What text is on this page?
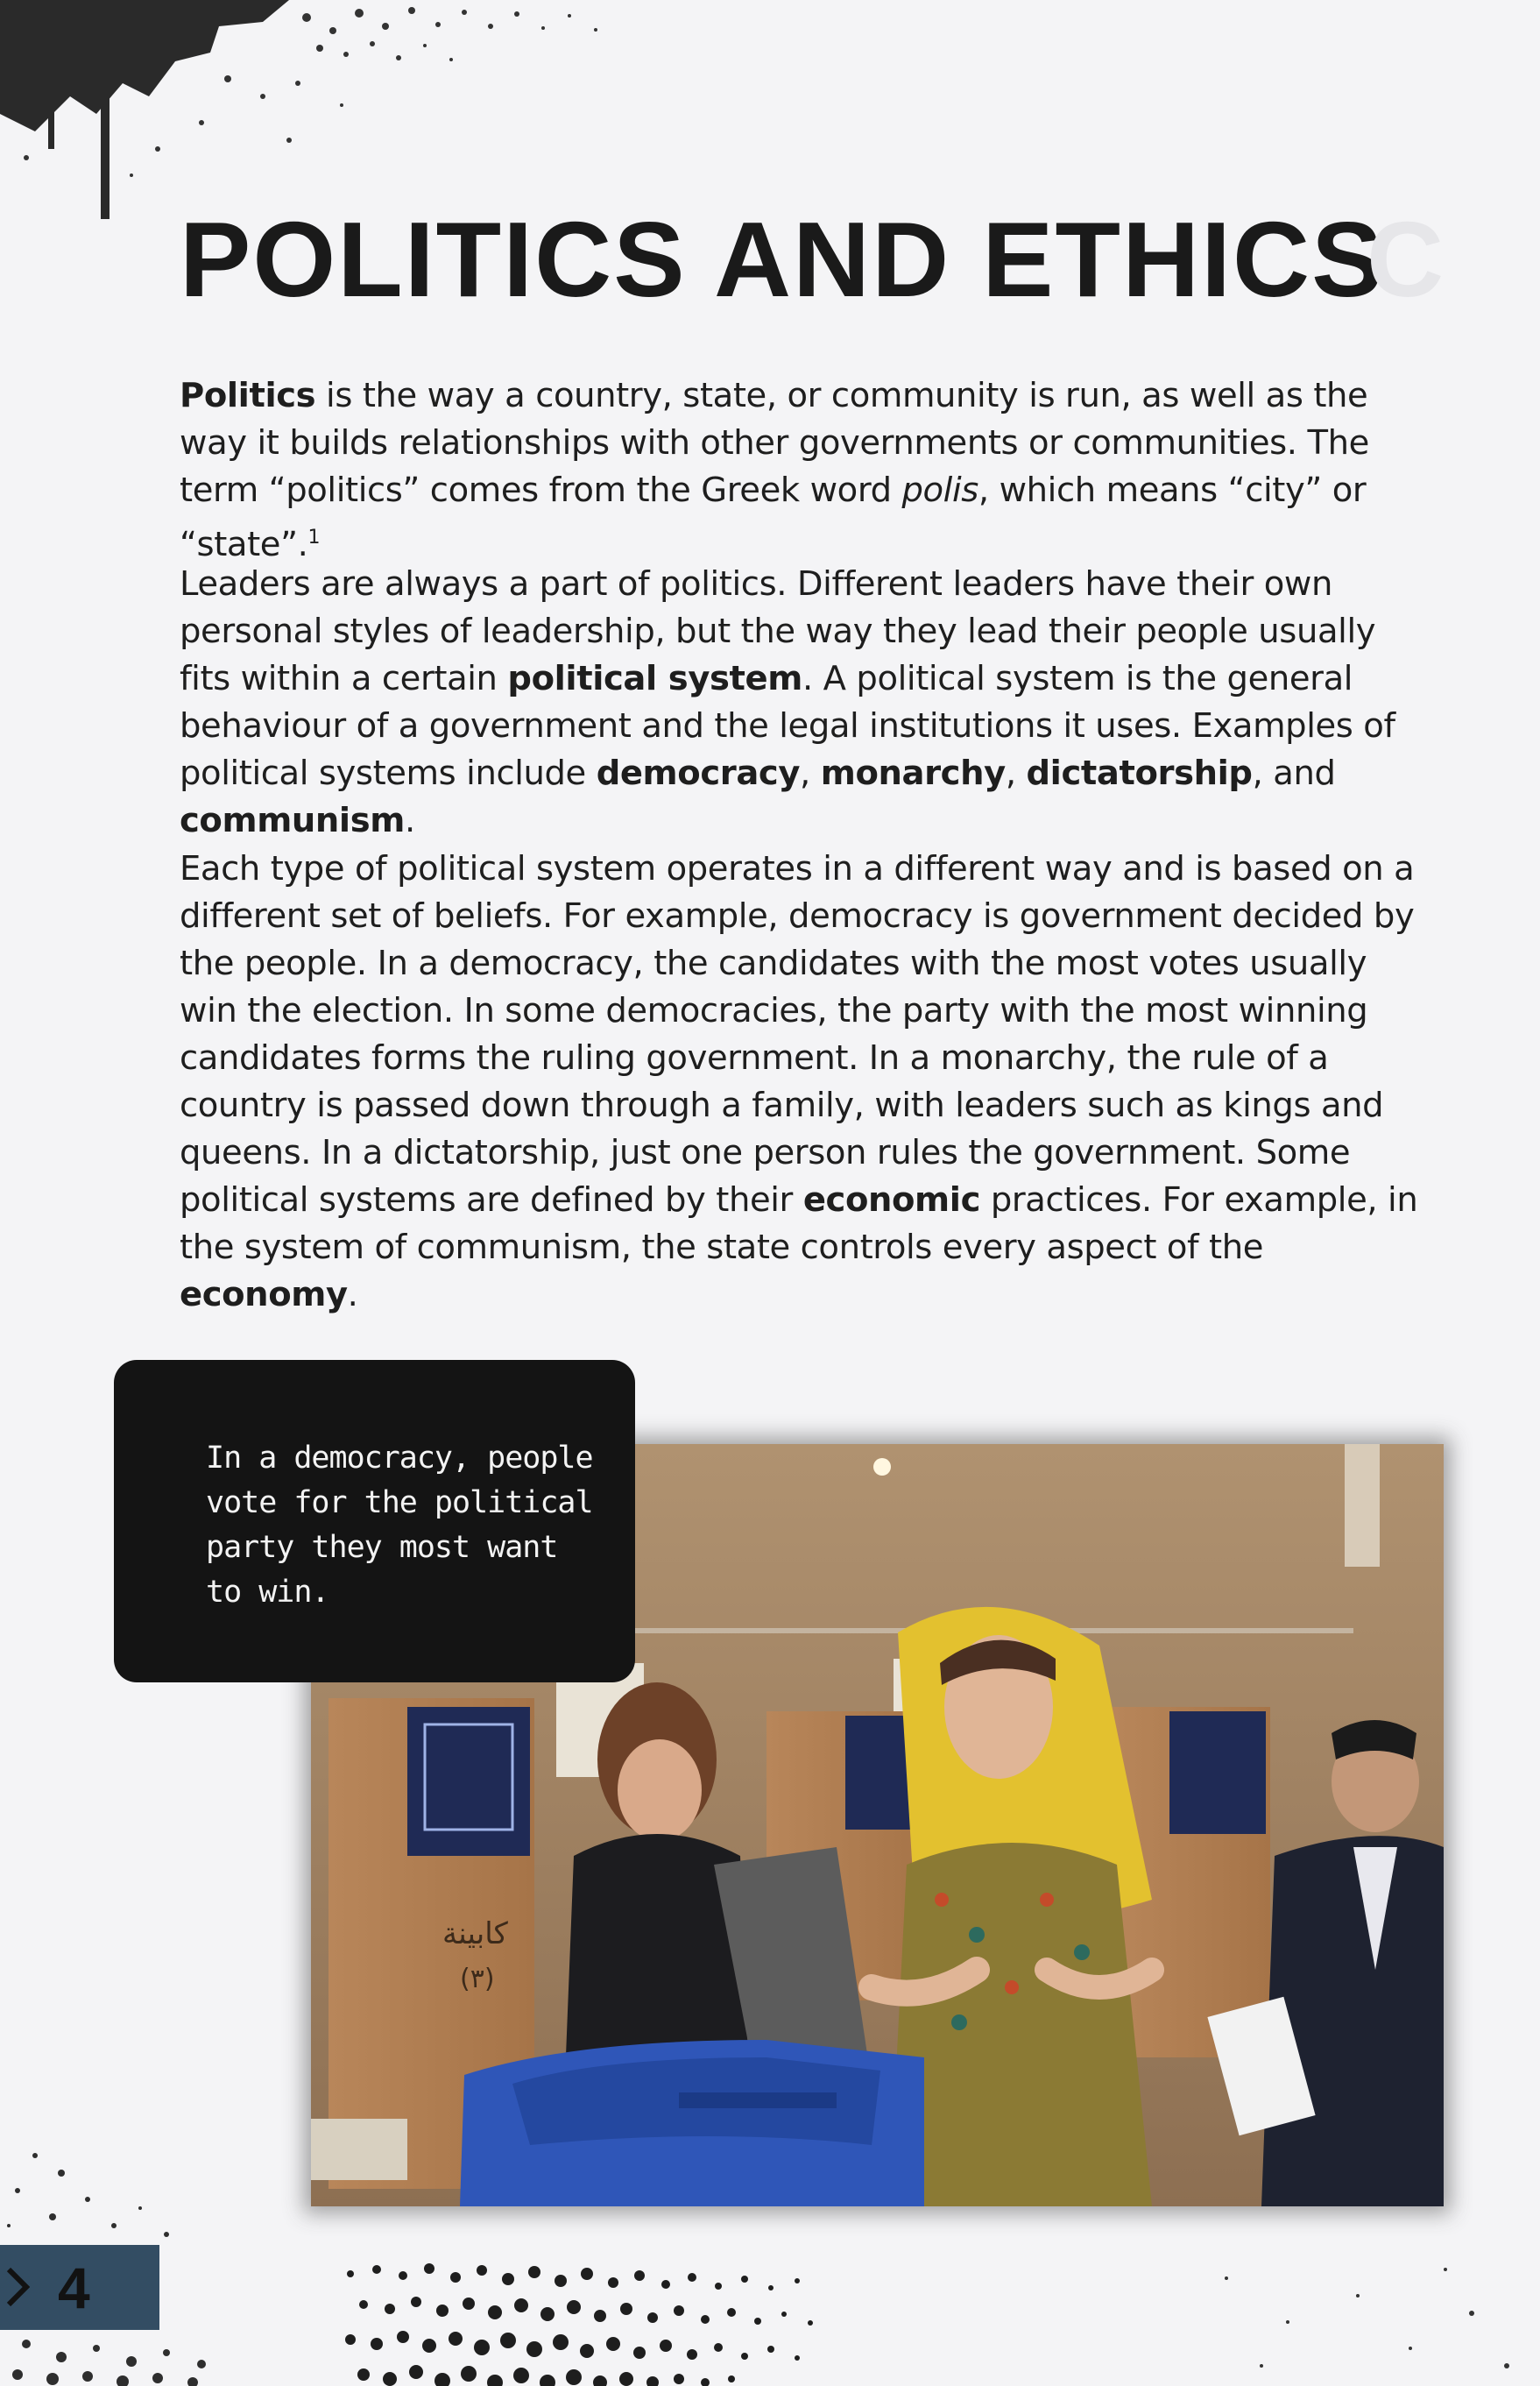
POLITICS AND ETHICS
C

Politics is the way a country, state, or community is run, as well as the way it builds relationships with other governments or communities. The term “politics” comes from the Greek word polis, which means “city” or “state”.$^1$

Leaders are always a part of politics. Different leaders have their own personal styles of leadership, but the way they lead their people usually fits within a certain political system. A political system is the general behaviour of a government and the legal institutions it uses. Examples of political systems include democracy, monarchy, dictatorship, and communism.

Each type of political system operates in a different way and is based on a different set of beliefs. For example, democracy is government decided by the people. In a democracy, the candidates with the most votes usually win the election. In some democracies, the party with the most winning candidates forms the ruling government. In a monarchy, the rule of a country is passed down through a family, with leaders such as kings and queens. In a dictatorship, just one person rules the government. Some political systems are defined by their economic practices. For example, in the system of communism, the state controls every aspect of the economy.

In a democracy, people vote for the political party they most want to win.

كابينة
(٣)
4
